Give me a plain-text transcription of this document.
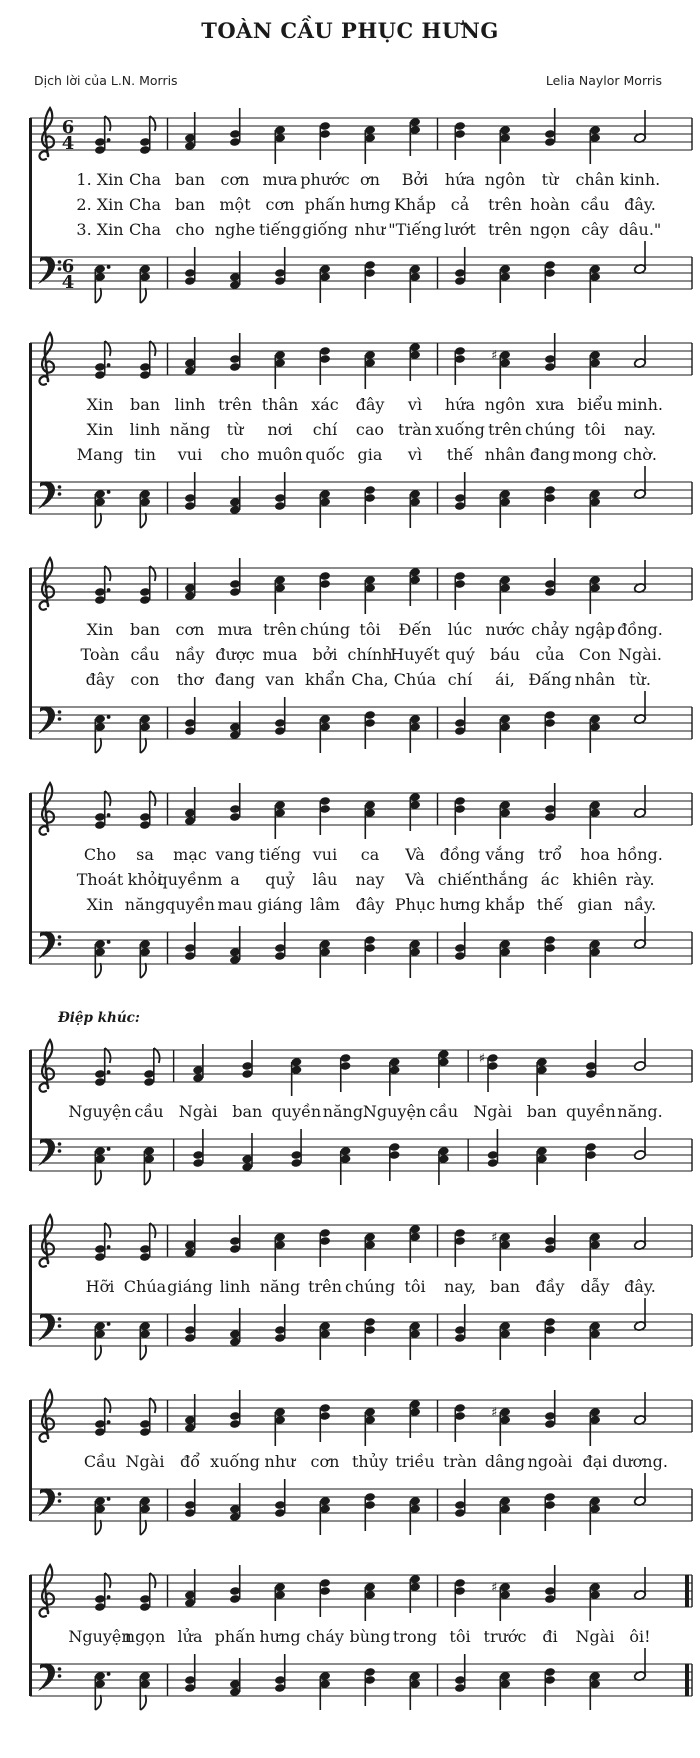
TOÀN CẦU PHỤC HƯNG
Dịch lời của L.N. Morris	Lelia Naylor Morris
6
4
1. Xin Cha ban cơn mưa phước ơn Bởi hứa ngôn từ chân kinh.
2. Xin Cha ban một cơn phấn hưng Khắp cả trên hoàn cầu đây.
3. Xin Cha cho nghe tiếng giống như "Tiếng lướt trên ngọn cây dâu."
6
4
♯
Xin ban linh trên thân xác đây vì hứa ngôn xưa biểu minh.
Xin linh năng từ nơi chí cao tràn xuống trên chúng tôi nay.
Mang tin vui cho muôn quốc gia vì thế nhân đang mong chờ.
Xin ban cơn mưa trên chúng tôi Đến lúc nước chảy ngập đồng.
Toàn cầu nầy được mua bởi chính
Huyết quý báu của Con Ngài.
đây con thơ đang van khẩn Cha, Chúa chí ái, Đấng nhân từ.
Cho sa mạc vang tiếng vui ca Và đồng vắng trổ hoa hồng.
Thoát khỏi
quyềnm a quỷ lâu nay Và chiến thắng ác khiên rày.
Xin năng quyền mau giáng lâm đây Phục hưng khắp thế gian nầy.
Điệp khúc:
♯
Nguyện cầu Ngài ban quyền năng.
Nguyện cầu Ngài ban quyền năng.
♯
Hỡi Chúa giáng linh năng trên chúng tôi nay, ban đầy dẫy đây.
♯
Cầu Ngài đổ xuống như cơn thủy triều tràn dâng ngoài đại dương.
♯
Nguyện
ngọn lửa phấn hưng cháy bùng trong tôi trước đi Ngài ôi!
